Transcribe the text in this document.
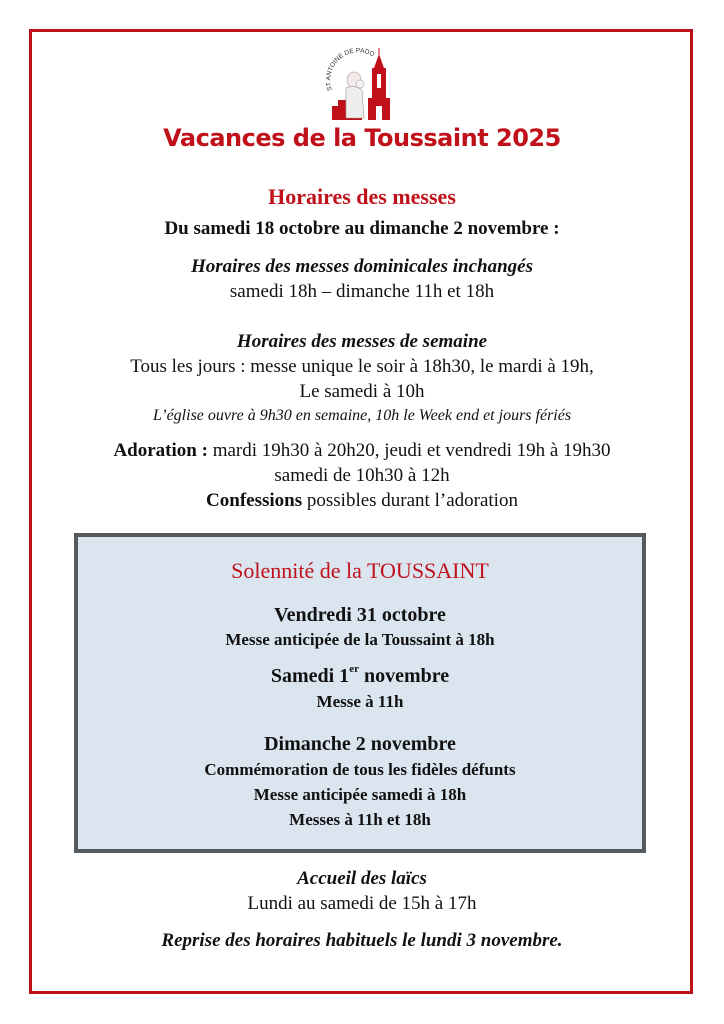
ST ANTOINE DE PADO
Vacances de la Toussaint 2025
Horaires des messes
Du samedi 18 octobre au dimanche 2 novembre :
Horaires des messes dominicales inchangés
samedi 18h – dimanche 11h et 18h
Horaires des messes de semaine
Tous les jours : messe unique le soir à 18h30, le mardi à 19h,
Le samedi à 10h
L’église ouvre à 9h30 en semaine, 10h le Week end et jours fériés
Adoration : mardi 19h30 à 20h20, jeudi et vendredi 19h à 19h30
samedi de 10h30 à 12h
Confessions possibles durant l’adoration
Solennité de la TOUSSAINT
Vendredi 31 octobre
Messe anticipée de la Toussaint à 18h
Samedi 1er novembre
Messe à 11h
Dimanche 2 novembre
Commémoration de tous les fidèles défunts
Messe anticipée samedi à 18h
Messes à 11h et 18h
Accueil des laïcs
Lundi au samedi de 15h à 17h
Reprise des horaires habituels le lundi 3 novembre.
